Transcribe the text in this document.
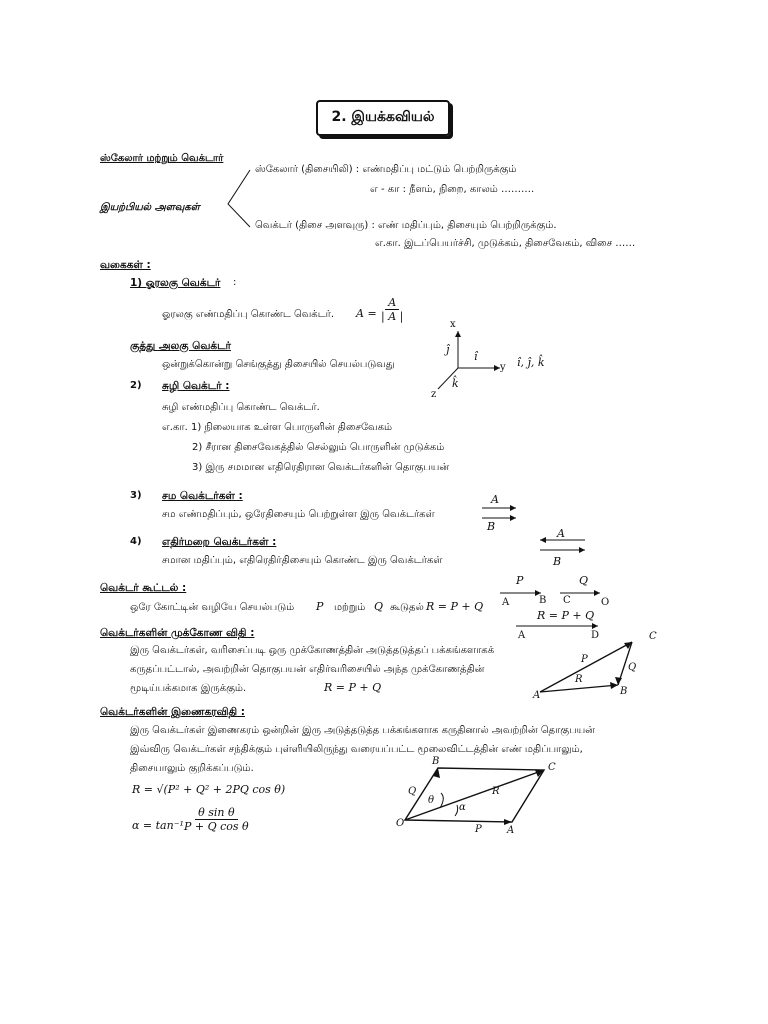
2. இயக்கவியல்
ஸ்கேலார் மற்றும் வெக்டார்
ஸ்கேலார் (திசையிலி) : எண்மதிப்பு மட்டும் பெற்றிருக்கும்
எ - கா : நீளம், நிறை, காலம் ……….
இயற்பியல் அளவுகள்
வெக்டர் (திசை அளவுரு) : எண் மதிப்பும், திசையும் பெற்றிருக்கும்.
எ.கா. இடப்பெயர்ச்சி, முடுக்கம், திசைவேகம், விசை ……
வகைகள் :
1) ஓரலகு வெக்டர் :
ஓரலகு எண்மதிப்பு கொண்ட வெக்டர். $A = \frac{A}{| A |}$
குத்து அலகு வெக்டர்
ஒன்றுக்கொன்று செங்குத்து திசையில் செயல்படுவது	î, ĵ, k̂
x
y
z
ĵ
î
k̂
2) சுழி வெக்டர் :
சுழி எண்மதிப்பு கொண்ட வெக்டர்.
எ.கா. 1) நிலையாக உள்ள பொருளின் திசைவேகம்
2) சீரான திசைவேகத்தில் செல்லும் பொருளின் முடுக்கம்
3) இரு சமமான எதிரெதிரான வெக்டர்களின் தொகுபயன்
3) சம வெக்டர்கள் :
சம எண்மதிப்பும், ஒரேதிசையும் பெற்றுள்ள இரு வெக்டர்கள்
A
B
4) எதிர்மறை வெக்டர்கள் :
சமான மதிப்பும், எதிரெதிர்திசையும் கொண்ட இரு வெக்டர்கள்
A
B
வெக்டர் கூட்டல் :
ஒரே கோட்டின் வழியே செயல்படும் P மற்றும் Q கூடுதல் R = P + Q
P	Q
A	B C	O
R = P + Q
A	D
வெக்டர்களின் முக்கோண விதி :
இரு வெக்டர்கள், வரிசைப்படி ஒரு முக்கோணத்தின் அடுத்தடுத்தப் பக்கங்களாகக்
கருதப்பட்டால், அவற்றின் தொகுபயன் எதிர்வரிசையில் அந்த முக்கோணத்தின்
மூடிய்பக்கமாக இருக்கும்.	R = P + Q
A	B
C
P
Q
R
வெக்டர்களின் இணைகரவிதி :
இரு வெக்டர்கள் இணைகரம் ஒன்றின் இரு அடுத்தடுத்த பக்கங்களாக கருதினால் அவற்றின் தொகுபயன்
இவ்விரு வெக்டர்கள் சந்திக்கும் புள்ளியிலிருந்து வரையப்பட்ட மூலைவிட்டத்தின் எண் மதிப்பாலும்,
திசையாலும் குறிக்கப்படும்.
R = √(P² + Q² + 2PQ cos θ)
α = tan⁻¹
$\frac{\text{θ sin θ}}{\text{P + Q cos θ}}$	O
A
B
C
Q
P
R
θ
α
